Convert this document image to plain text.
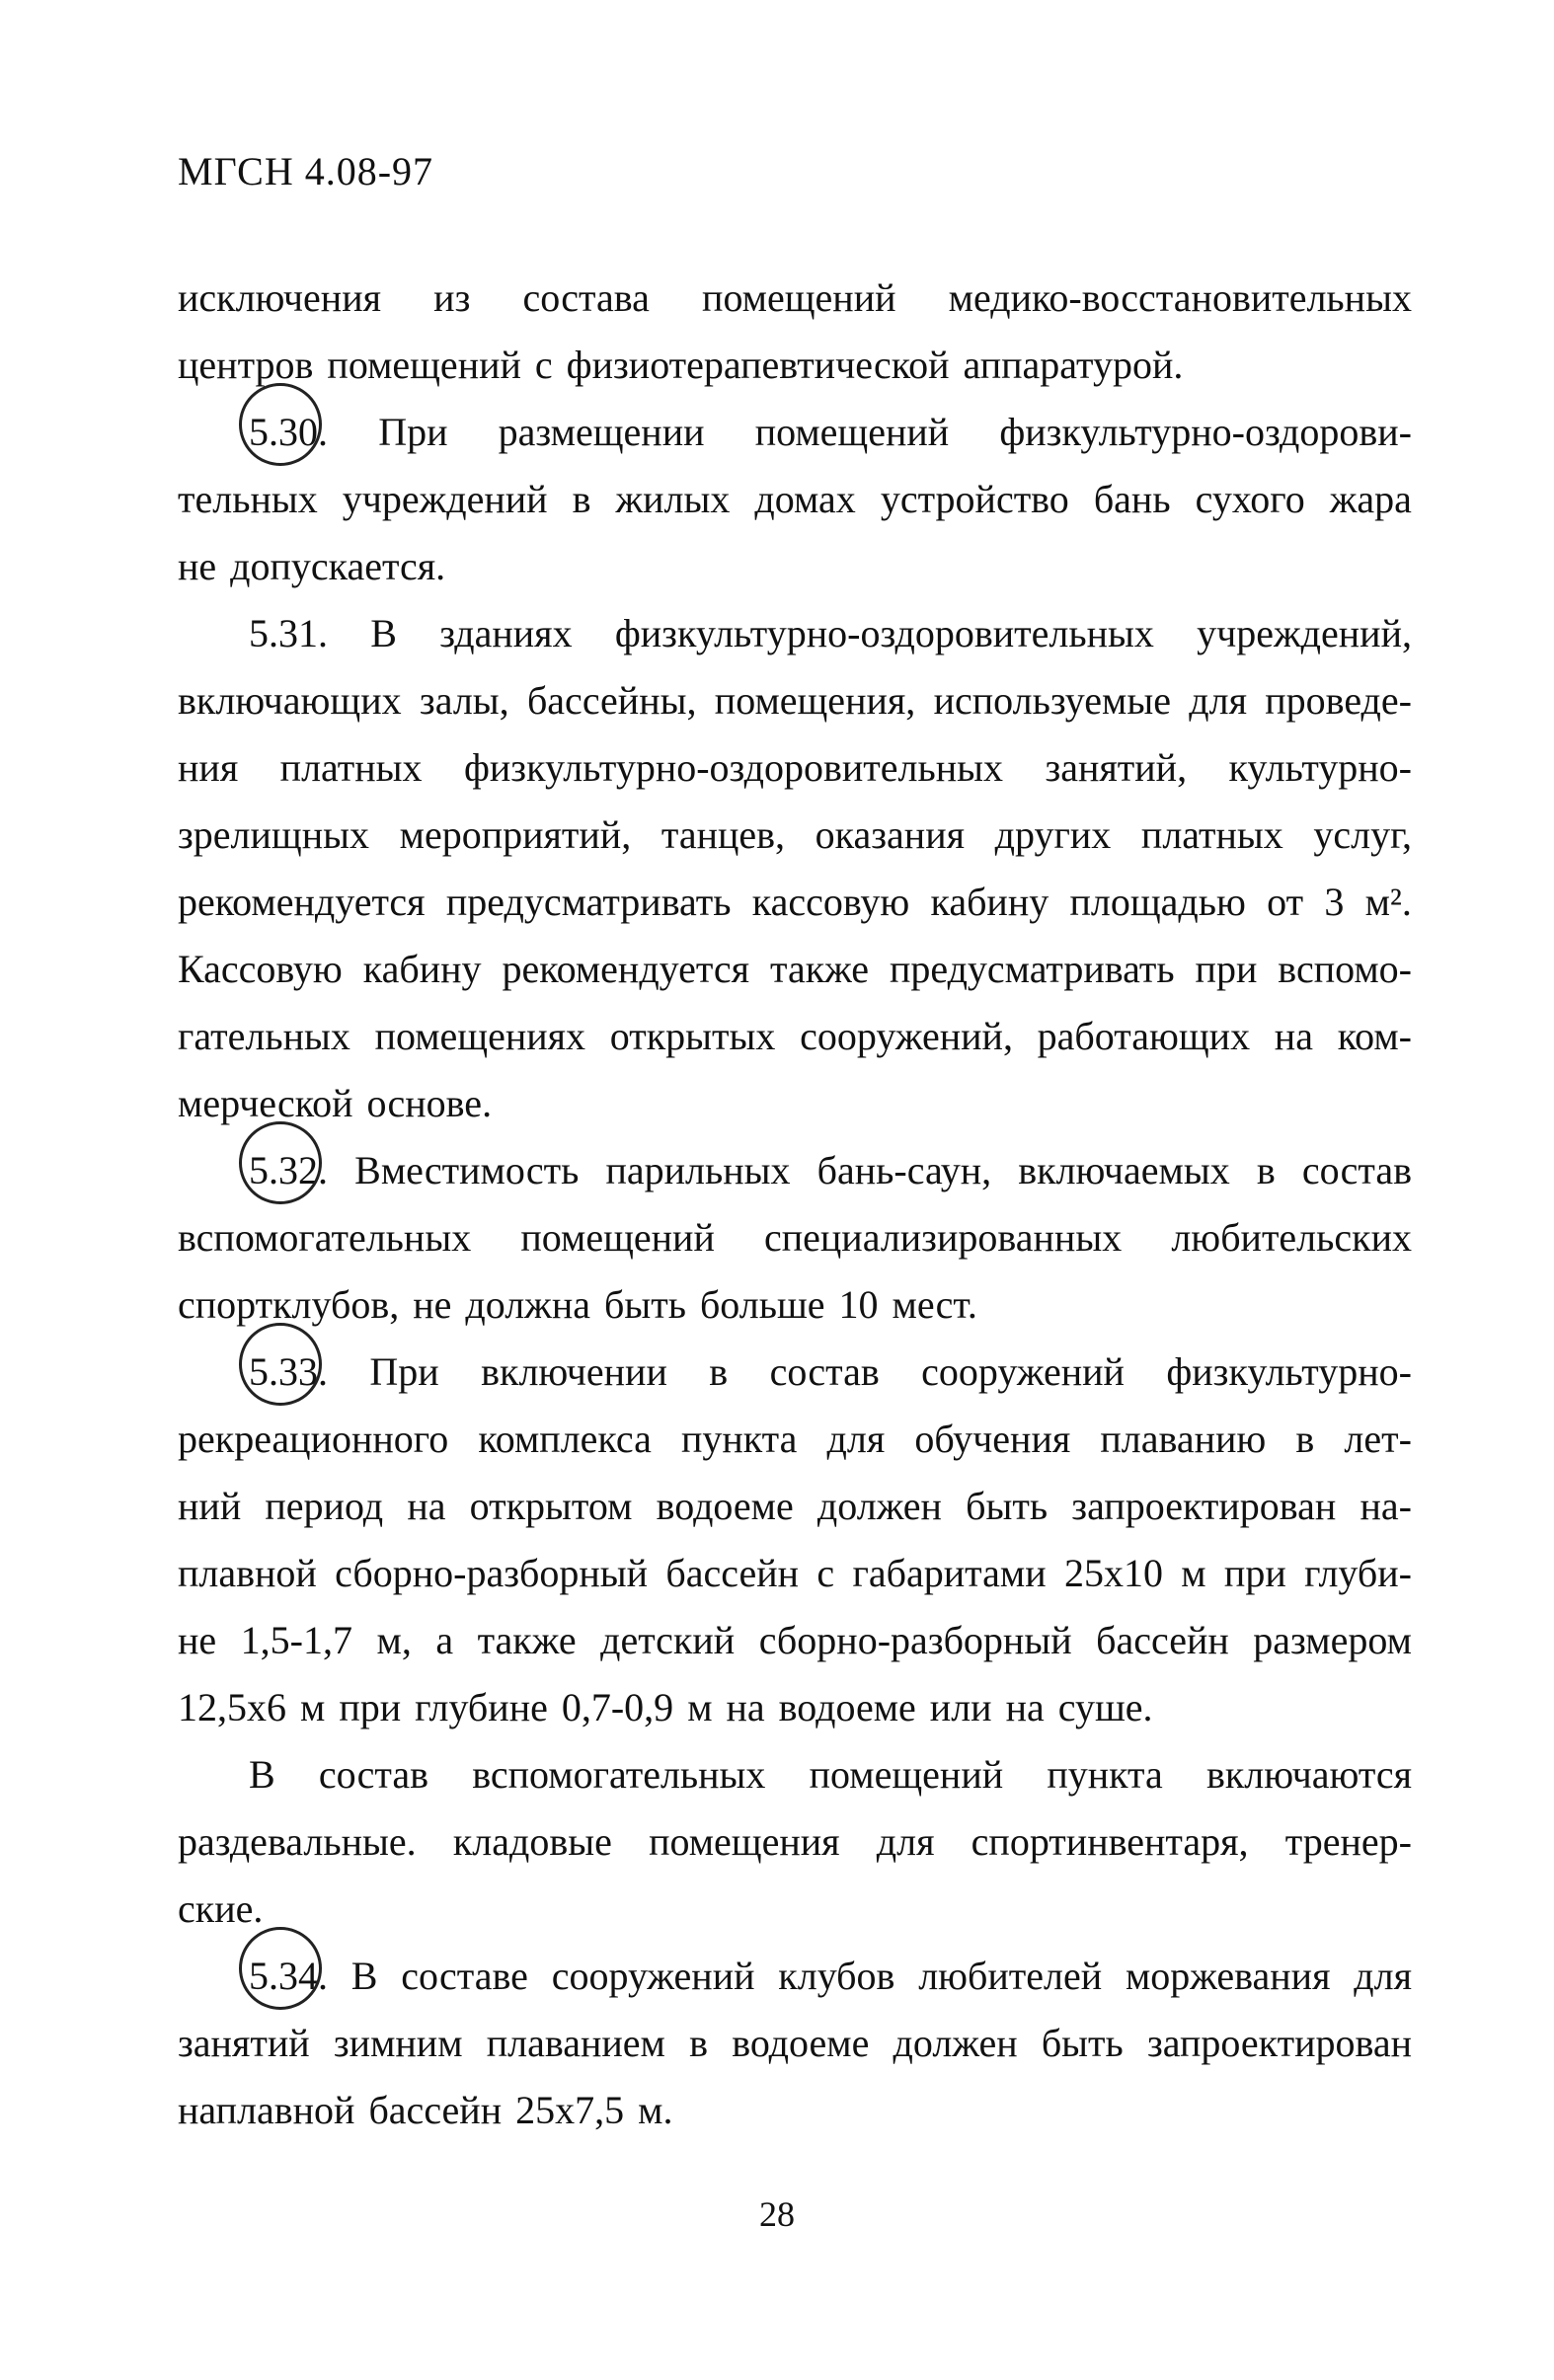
МГСН 4.08-97
исключения из состава помещений медико-восстановительных
центров помещений с физиотерапевтической аппаратурой.
5.30. При размещении помещений физкультурно-оздорови-
тельных учреждений в жилых домах устройство бань сухого жара
не допускается.
5.31. В зданиях физкультурно-оздоровительных учреждений,
включающих залы, бассейны, помещения, используемые для проведе-
ния платных физкультурно-оздоровительных занятий, культурно-
зрелищных мероприятий, танцев, оказания других платных услуг,
рекомендуется предусматривать кассовую кабину площадью от 3 м².
Кассовую кабину рекомендуется также предусматривать при вспомо-
гательных помещениях открытых сооружений, работающих на ком-
мерческой основе.
5.32. Вместимость парильных бань-саун, включаемых в состав
вспомогательных помещений специализированных любительских
спортклубов, не должна быть больше 10 мест.
5.33. При включении в состав сооружений физкультурно-
рекреационного комплекса пункта для обучения плаванию в лет-
ний период на открытом водоеме должен быть запроектирован на-
плавной сборно-разборный бассейн с габаритами 25х10 м при глуби-
не 1,5-1,7 м, а также детский сборно-разборный бассейн размером
12,5х6 м при глубине 0,7-0,9 м на водоеме или на суше.
В состав вспомогательных помещений пункта включаются
раздевальные. кладовые помещения для спортинвентаря, тренер-
ские.
5.34. В составе сооружений клубов любителей моржевания для
занятий зимним плаванием в водоеме должен быть запроектирован
наплавной бассейн 25х7,5 м.
28
